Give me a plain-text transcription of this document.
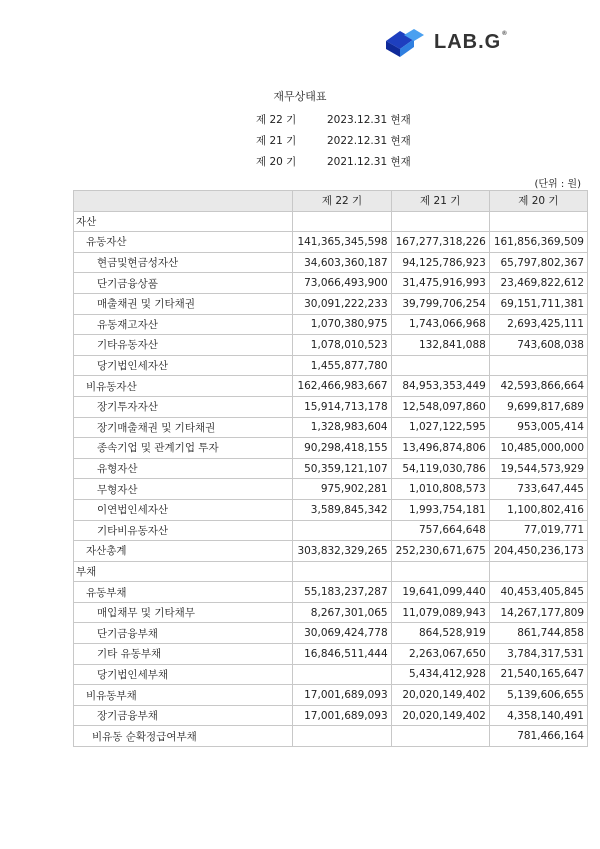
LAB.G®
재무상태표
제 22 기	2023.12.31 현재
제 21 기	2022.12.31 현재
제 20 기	2021.12.31 현재
(단위 : 원)
	제 22 기	제 21 기	제 20 기
자산			
유동자산	141,365,345,598	167,277,318,226	161,856,369,509
현금및현금성자산	34,603,360,187	94,125,786,923	65,797,802,367
단기금융상품	73,066,493,900	31,475,916,993	23,469,822,612
매출채권 및 기타채권	30,091,222,233	39,799,706,254	69,151,711,381
유동재고자산	1,070,380,975	1,743,066,968	2,693,425,111
기타유동자산	1,078,010,523	132,841,088	743,608,038
당기법인세자산	1,455,877,780		
비유동자산	162,466,983,667	84,953,353,449	42,593,866,664
장기투자자산	15,914,713,178	12,548,097,860	9,699,817,689
장기매출채권 및 기타채권	1,328,983,604	1,027,122,595	953,005,414
종속기업 및 관계기업 투자	90,298,418,155	13,496,874,806	10,485,000,000
유형자산	50,359,121,107	54,119,030,786	19,544,573,929
무형자산	975,902,281	1,010,808,573	733,647,445
이연법인세자산	3,589,845,342	1,993,754,181	1,100,802,416
기타비유동자산		757,664,648	77,019,771
자산총계	303,832,329,265	252,230,671,675	204,450,236,173
부채			
유동부채	55,183,237,287	19,641,099,440	40,453,405,845
매입채무 및 기타채무	8,267,301,065	11,079,089,943	14,267,177,809
단기금융부채	30,069,424,778	864,528,919	861,744,858
기타 유동부채	16,846,511,444	2,263,067,650	3,784,317,531
당기법인세부채		5,434,412,928	21,540,165,647
비유동부채	17,001,689,093	20,020,149,402	5,139,606,655
장기금융부채	17,001,689,093	20,020,149,402	4,358,140,491
비유동 순확정급여부채			781,466,164
